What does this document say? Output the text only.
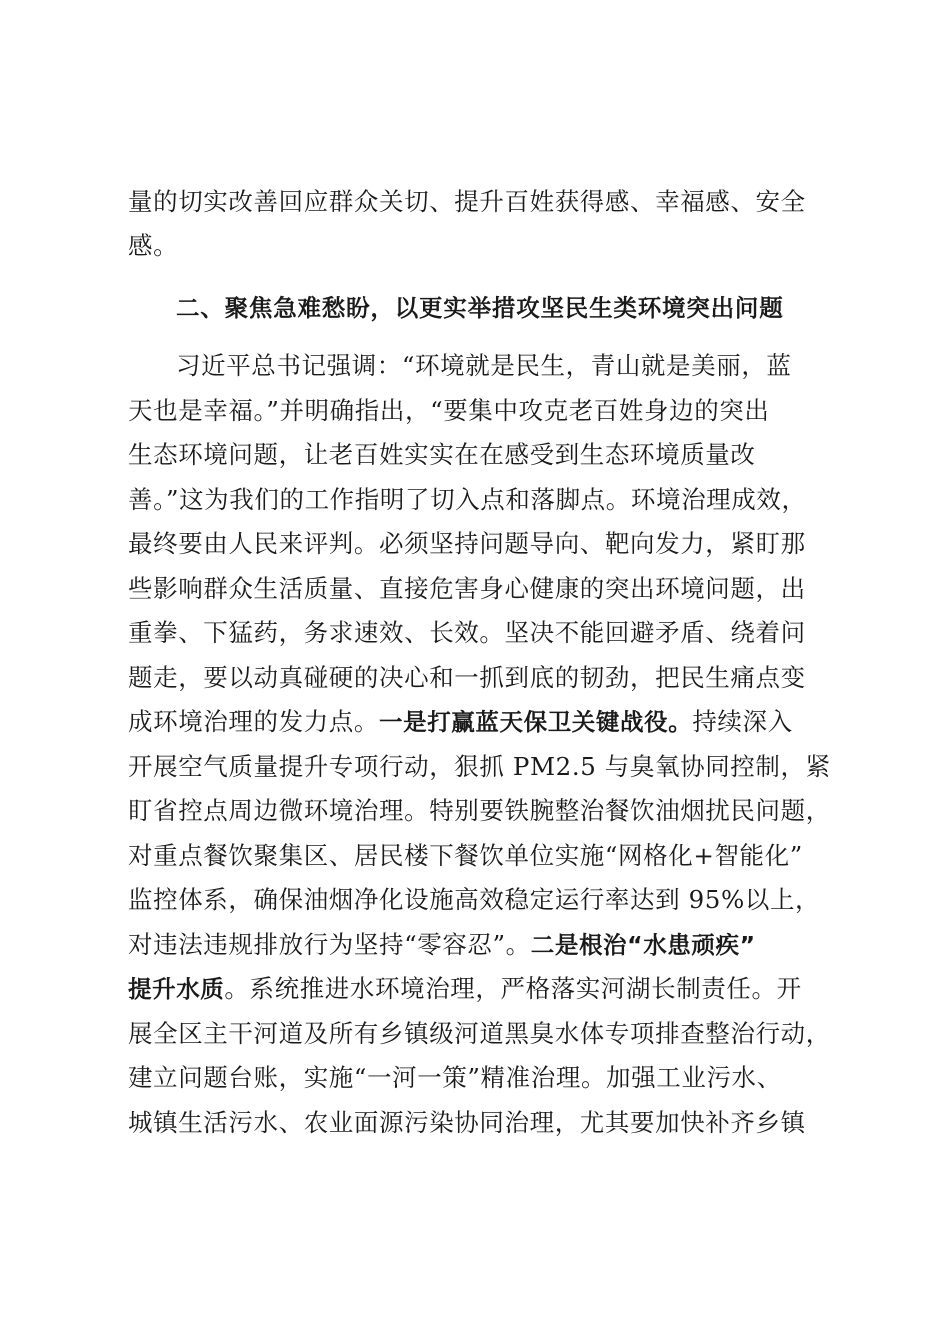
量的切实改善回应群众关切、提升百姓获得感、幸福感、安全
感。
二、聚焦急难愁盼，以更实举措攻坚民生类环境突出问题
习近平总书记强调：“环境就是民生，青山就是美丽，蓝
天也是幸福。”并明确指出，“要集中攻克老百姓身边的突出
生态环境问题，让老百姓实实在在感受到生态环境质量改
善。”这为我们的工作指明了切入点和落脚点。环境治理成效，
最终要由人民来评判。必须坚持问题导向、靶向发力，紧盯那
些影响群众生活质量、直接危害身心健康的突出环境问题，出
重拳、下猛药，务求速效、长效。坚决不能回避矛盾、绕着问
题走，要以动真碰硬的决心和一抓到底的韧劲，把民生痛点变
成环境治理的发力点。一是打赢蓝天保卫关键战役。持续深入
开展空气质量提升专项行动，狠抓 PM2.5 与臭氧协同控制，紧
盯省控点周边微环境治理。特别要铁腕整治餐饮油烟扰民问题，
对重点餐饮聚集区、居民楼下餐饮单位实施“网格化+智能化”
监控体系，确保油烟净化设施高效稳定运行率达到 95%以上，
对违法违规排放行为坚持“零容忍”。二是根治“水患顽疾”
提升水质。系统推进水环境治理，严格落实河湖长制责任。开
展全区主干河道及所有乡镇级河道黑臭水体专项排查整治行动，
建立问题台账，实施“一河一策”精准治理。加强工业污水、
城镇生活污水、农业面源污染协同治理，尤其要加快补齐乡镇
